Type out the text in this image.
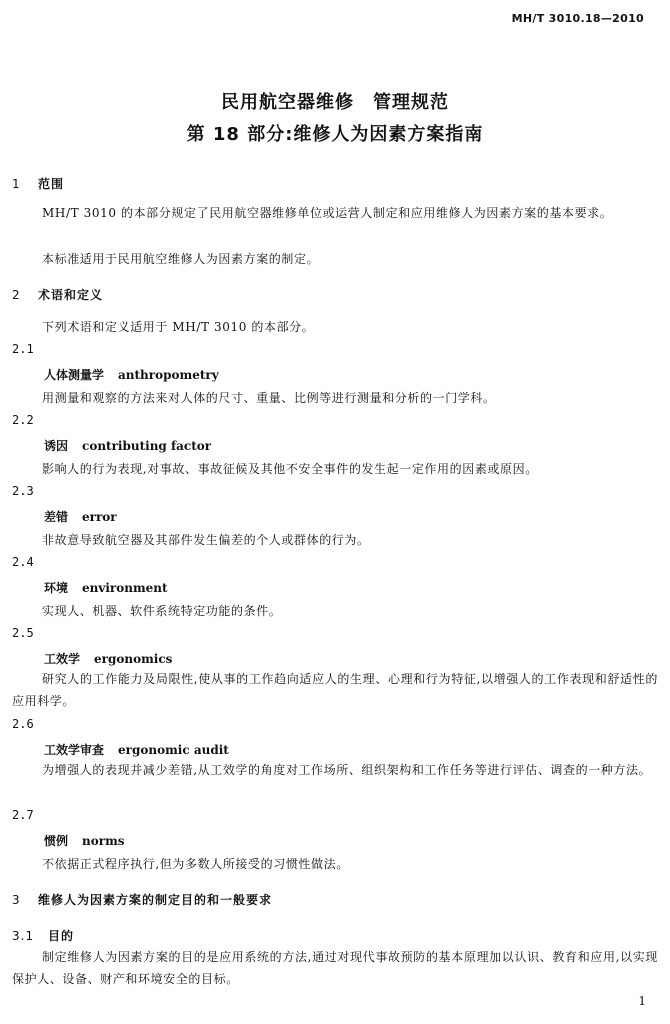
MH/T 3010.18—2010
民用航空器维修　管理规范
第 18 部分:维修人为因素方案指南
1 范围
MH/T 3010 的本部分规定了民用航空器维修单位或运营人制定和应用维修人为因素方案的基本要求。
本标准适用于民用航空维修人为因素方案的制定。
2 术语和定义
下列术语和定义适用于 MH/T 3010 的本部分。
2.1
人体测量学 anthropometry
用测量和观察的方法来对人体的尺寸、重量、比例等进行测量和分析的一门学科。
2.2
诱因 contributing factor
影响人的行为表现,对事故、事故征候及其他不安全事件的发生起一定作用的因素或原因。
2.3
差错 error
非故意导致航空器及其部件发生偏差的个人或群体的行为。
2.4
环境 environment
实现人、机器、软件系统特定功能的条件。
2.5
工效学 ergonomics
研究人的工作能力及局限性,使从事的工作趋向适应人的生理、心理和行为特征,以增强人的工作表现和舒适性的应用科学。
2.6
工效学审查 ergonomic audit
为增强人的表现并减少差错,从工效学的角度对工作场所、组织架构和工作任务等进行评估、调查的一种方法。
2.7
惯例 norms
不依据正式程序执行,但为多数人所接受的习惯性做法。
3 维修人为因素方案的制定目的和一般要求
3.1 目的
制定维修人为因素方案的目的是应用系统的方法,通过对现代事故预防的基本原理加以认识、教育和应用,以实现保护人、设备、财产和环境安全的目标。
1
